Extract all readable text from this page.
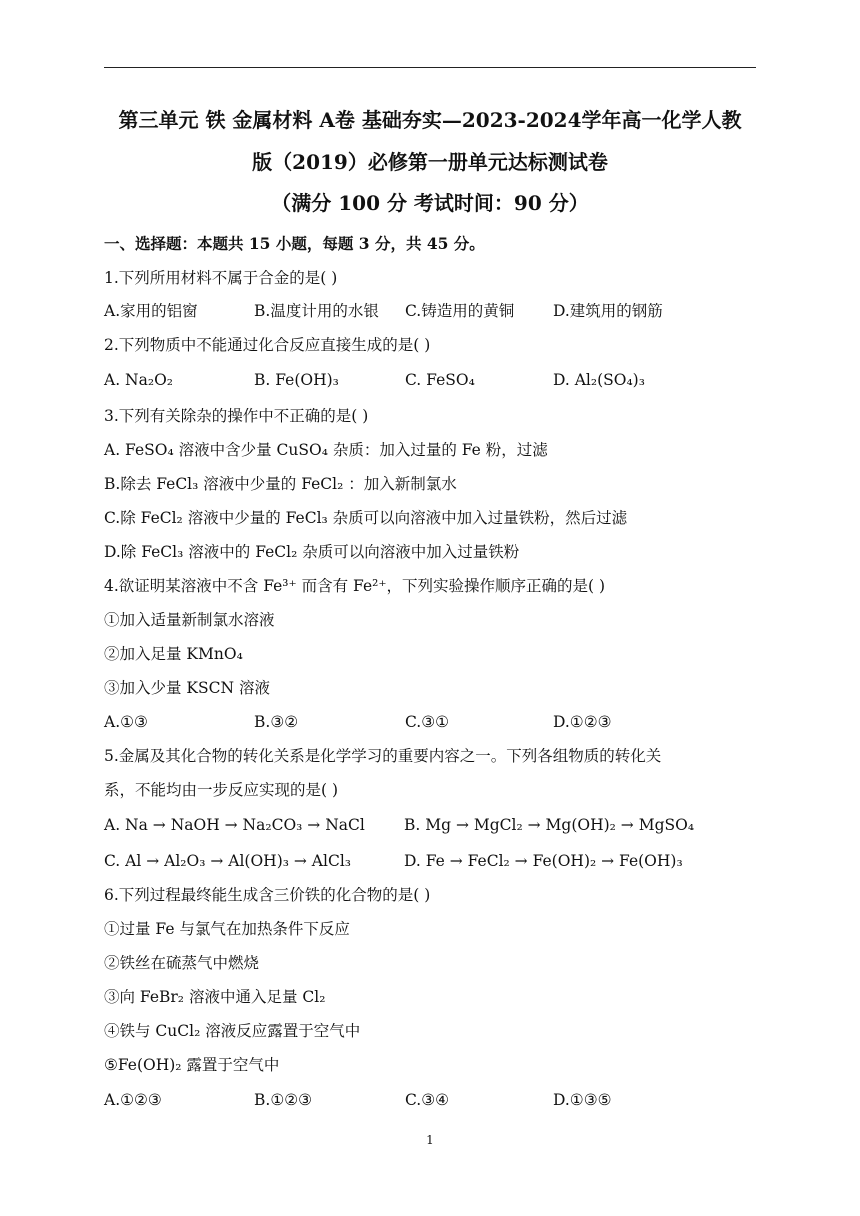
第三单元 铁 金属材料 A卷 基础夯实—2023-2024学年高一化学人教
版（2019）必修第一册单元达标测试卷
（满分 100 分 考试时间：90 分）
一、选择题：本题共 15 小题，每题 3 分，共 45 分。
1.下列所用材料不属于合金的是( )
A.家用的铝窗	B.温度计用的水银 C.铸造用的黄铜	D.建筑用的钢筋
2.下列物质中不能通过化合反应直接生成的是( )
A. Na₂O₂	B. Fe(OH)₃	C. FeSO₄	D. Al₂(SO₄)₃
3.下列有关除杂的操作中不正确的是( )
A. FeSO₄ 溶液中含少量 CuSO₄ 杂质：加入过量的 Fe 粉，过滤
B.除去 FeCl₃ 溶液中少量的 FeCl₂ ：加入新制氯水
C.除 FeCl₂ 溶液中少量的 FeCl₃ 杂质可以向溶液中加入过量铁粉，然后过滤
D.除 FeCl₃ 溶液中的 FeCl₂ 杂质可以向溶液中加入过量铁粉
4.欲证明某溶液中不含 Fe³⁺ 而含有 Fe²⁺，下列实验操作顺序正确的是( )
①加入适量新制氯水溶液
②加入足量 KMnO₄
③加入少量 KSCN 溶液
A.①③	B.③②	C.③①	D.①②③
5.金属及其化合物的转化关系是化学学习的重要内容之一。下列各组物质的转化关
系，不能均由一步反应实现的是( )
A. Na → NaOH → Na₂CO₃ → NaCl	B. Mg → MgCl₂ → Mg(OH)₂ → MgSO₄
C. Al → Al₂O₃ → Al(OH)₃ → AlCl₃	D. Fe → FeCl₂ → Fe(OH)₂ → Fe(OH)₃
6.下列过程最终能生成含三价铁的化合物的是( )
①过量 Fe 与氯气在加热条件下反应
②铁丝在硫蒸气中燃烧
③向 FeBr₂ 溶液中通入足量 Cl₂
④铁与 CuCl₂ 溶液反应露置于空气中
⑤Fe(OH)₂ 露置于空气中
A.①②③	B.①②③	C.③④	D.①③⑤
1
